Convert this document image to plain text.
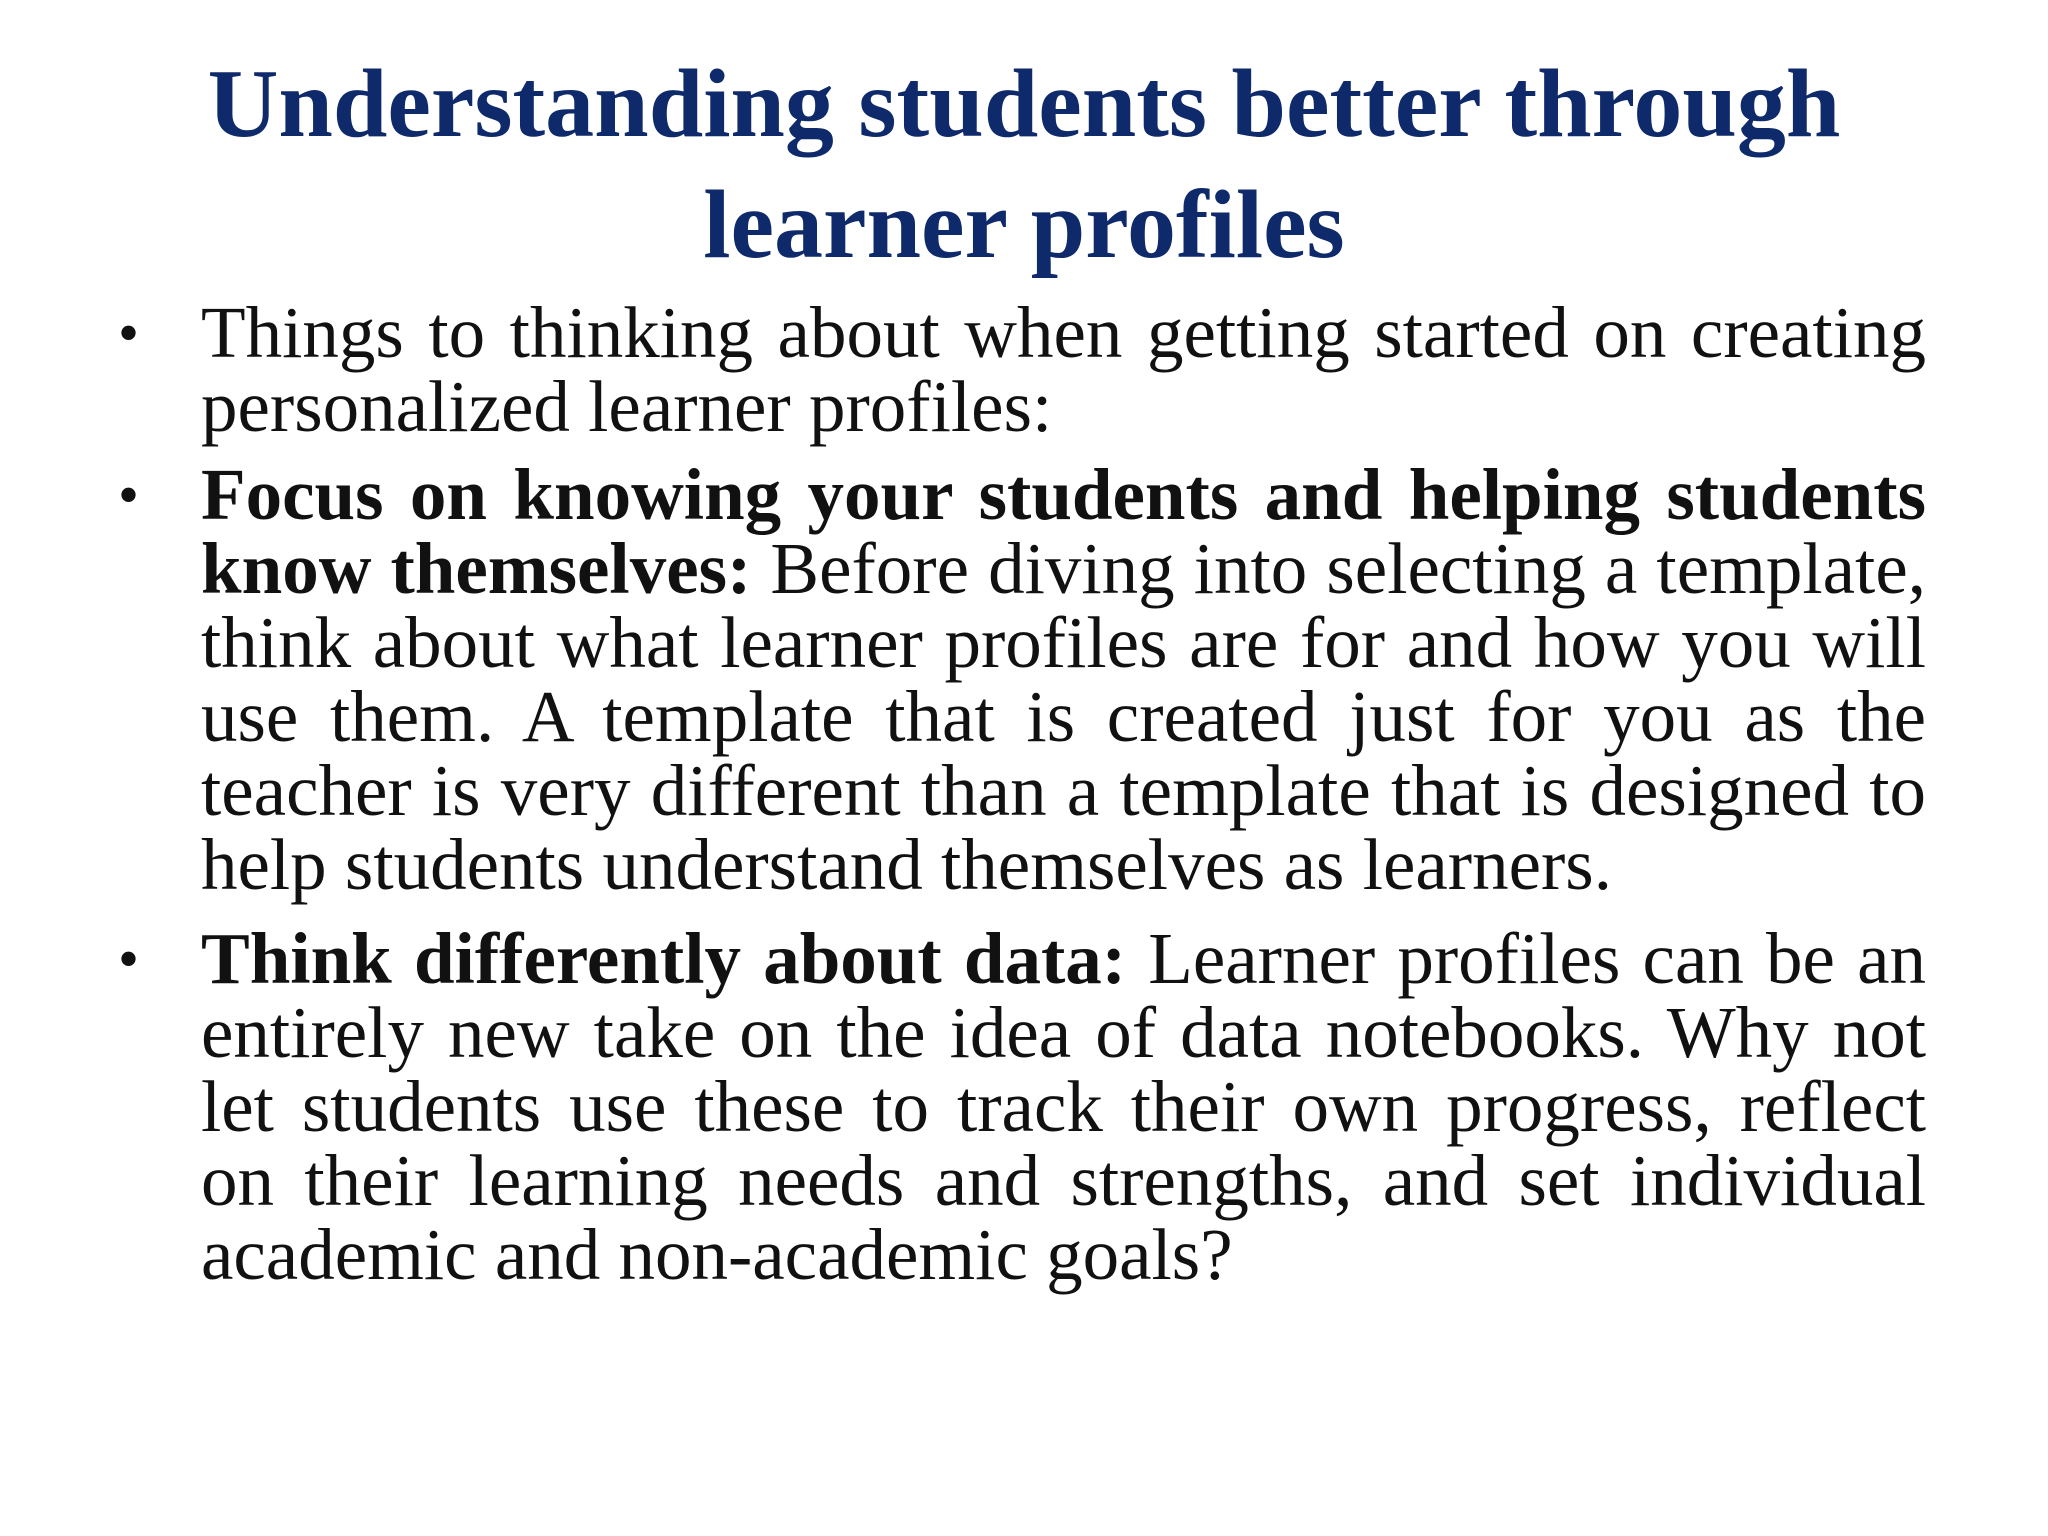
Understanding students better through
learner profiles
• Things to thinking about when getting started on creating personalized learner profiles:
• Focus on knowing your students and helping students know themselves: Before diving into selecting a template, think about what learner profiles are for and how you will use them. A template that is created just for you as the teacher is very different than a template that is designed to help students understand themselves as learners.
• Think differently about data: Learner profiles can be an entirely new take on the idea of data notebooks. Why not let students use these to track their own progress, reflect on their learning needs and strengths, and set individual academic and non-academic goals?
